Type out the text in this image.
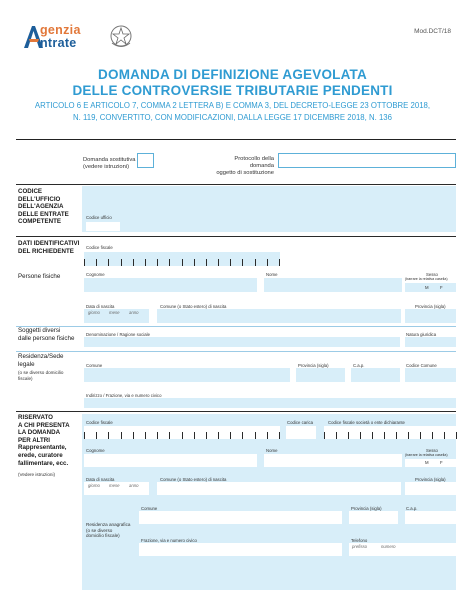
genzia
ntrate
Mod.DCT/18
DOMANDA DI DEFINIZIONE AGEVOLATA
DELLE CONTROVERSIE TRIBUTARIE PENDENTI
ARTICOLO 6 E ARTICOLO 7, COMMA 2 LETTERA B) E COMMA 3, DEL DECRETO-LEGGE 23 OTTOBRE 2018,
N. 119, CONVERTITO, CON MODIFICAZIONI, DALLA LEGGE 17 DICEMBRE 2018, N. 136
Domanda sostitutiva
(vedere istruzioni)
Protocollo della domanda
oggetto di sostituzione
CODICE
DELL'UFFICIO
DELL'AGENZIA
DELLE ENTRATE
COMPETENTE
Codice ufficio
DATI IDENTIFICATIVI
DEL RICHIEDENTE
Codice fiscale
Persone fisiche	Cognome	Nome	Sesso
(barrare la relativa casella)
M	F
Data di nascita
giorno mese anno
Comune (o Stato estero) di nascita	Provincia (sigla)
Soggetti diversi
dalle persone fisiche
Denominazione / Ragione sociale	Natura giuridica
Residenza/Sede
legale
(o se diverso domicilio
fiscale)
Comune	Provincia (sigla)	C.a.p.	Codice Comune
Indirizzo / Frazione, via e numero civico
RISERVATO
A CHI PRESENTA
LA DOMANDA
PER ALTRI
Rappresentante,
erede, curatore
fallimentare, ecc.
(Vedere istruzioni)
Codice fiscale	Codice carica	Codice fiscale società o ente dichiarante
Cognome	Nome	Sesso
(barrare la relativa casella)
M	F
Data di nascita
giorno mese anno
Comune (o Stato estero) di nascita	Provincia (sigla)
Residenza anagrafica
(o se diverso
domicilio fiscale)
Comune	Provincia (sigla)	C.a.p.
Frazione, via e numero civico	Telefono
prefisso	numero
